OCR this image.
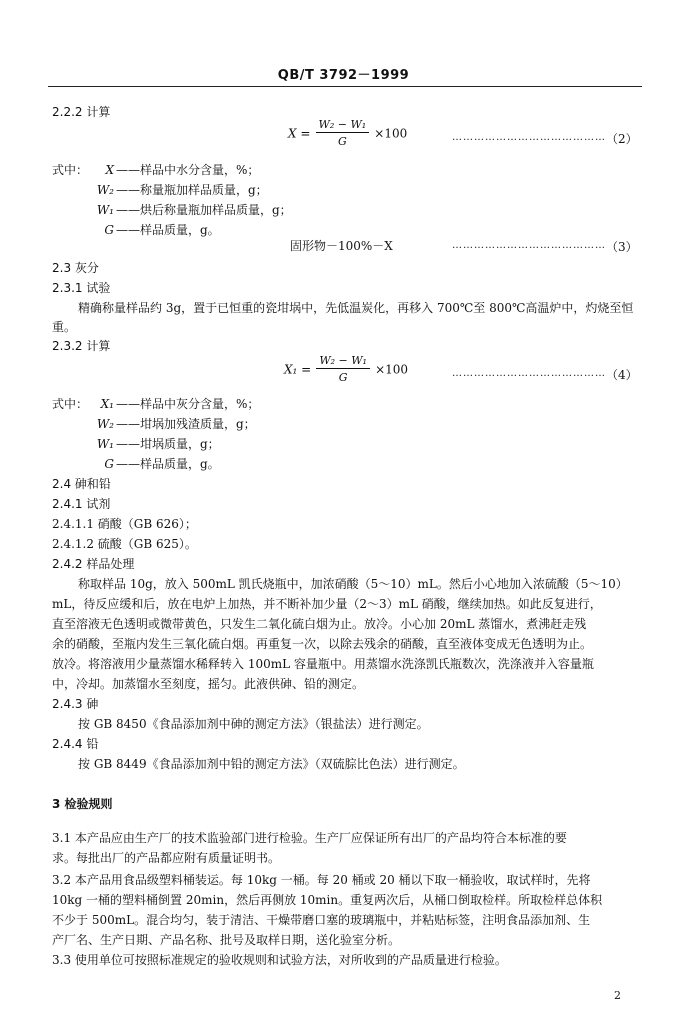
QB/T 3792－1999
2.2.2 计算
$X = \frac{\text{W₂ − W₁}}{G} \times 100$	…………………………………… （2）
式中：	X ——样品中水分含量，%；
W₂ ——称量瓶加样品质量，g；
W₁ ——烘后称量瓶加样品质量，g；
G ——样品质量，g。
固形物－100%－X	…………………………………… （3）
2.3 灰分
2.3.1 试验
精确称量样品约 3g，置于已恒重的瓷坩埚中，先低温炭化，再移入 700℃至 800℃高温炉中，灼烧至恒重。
2.3.2 计算
$X_1 = \frac{\text{W₂ − W₁}}{G} \times 100$	…………………………………… （4）
式中：	X₁ ——样品中灰分含量，%；
W₂ ——坩埚加残渣质量，g；
W₁ ——坩埚质量，g；
G ——样品质量，g。
2.4 砷和铅
2.4.1 试剂
2.4.1.1 硝酸（GB 626）；
2.4.1.2 硫酸（GB 625）。
2.4.2 样品处理
称取样品 10g，放入 500mL 凯氏烧瓶中，加浓硝酸（5～10）mL。然后小心地加入浓硫酸（5～10）
mL，待反应缓和后，放在电炉上加热，并不断补加少量（2～3）mL 硝酸，继续加热。如此反复进行，
直至溶液无色透明或微带黄色，只发生二氧化硫白烟为止。放冷。小心加 20mL 蒸馏水，煮沸赶走残
余的硝酸，至瓶内发生三氧化硫白烟。再重复一次，以除去残余的硝酸，直至液体变成无色透明为止。
放冷。将溶液用少量蒸馏水稀释转入 100mL 容量瓶中。用蒸馏水洗涤凯氏瓶数次，洗涤液并入容量瓶
中，冷却。加蒸馏水至刻度，摇匀。此液供砷、铅的测定。
2.4.3 砷
按 GB 8450《食品添加剂中砷的测定方法》（银盐法）进行测定。
2.4.4 铅
按 GB 8449《食品添加剂中铅的测定方法》（双硫腙比色法）进行测定。
3 检验规则
3.1 本产品应由生产厂的技术监验部门进行检验。生产厂应保证所有出厂的产品均符合本标准的要
求。每批出厂的产品都应附有质量证明书。
3.2 本产品用食品级塑料桶装运。每 10kg 一桶。每 20 桶或 20 桶以下取一桶验收，取试样时，先将
10kg 一桶的塑料桶倒置 20min，然后再侧放 10min。重复两次后，从桶口倒取检样。所取检样总体积
不少于 500mL。混合均匀，装于清洁、干燥带磨口塞的玻璃瓶中，并粘贴标签，注明食品添加剂、生
产厂名、生产日期、产品名称、批号及取样日期，送化验室分析。
3.3 使用单位可按照标准规定的验收规则和试验方法，对所收到的产品质量进行检验。
2
